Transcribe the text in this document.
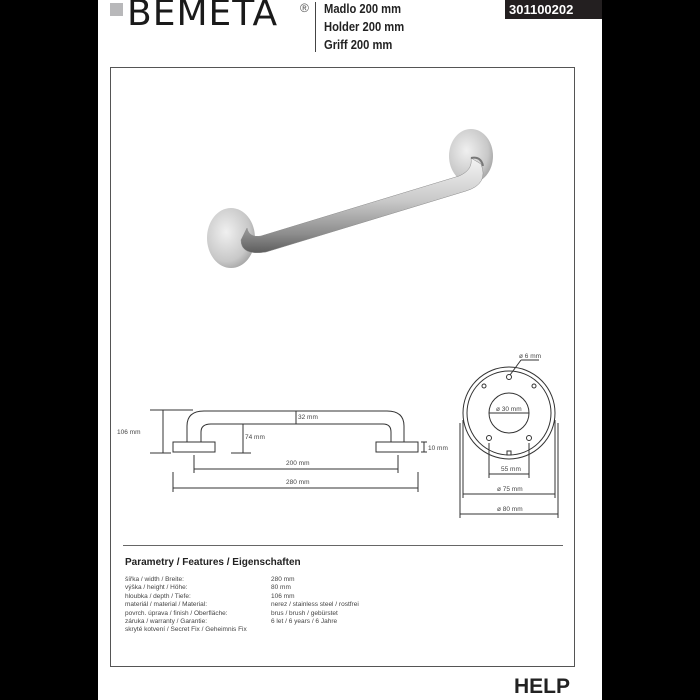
BEMETA ® Madlo 200 mm
Holder 200 mm
Griff 200 mm
301100202
106 mm
74 mm
32 mm
10 mm
200 mm
280 mm
ø 6 mm
ø 30 mm
55 mm
ø 75 mm
ø 80 mm
Parametry / Features / Eigenschaften
šířka / width / Breite:	280 mm
výška / height / Höhe:	80 mm
hloubka / depth / Tiefe:	106 mm
materiál / material / Material:	nerez / stainless steel / rostfrei
povrch. úprava / finish / Oberfläche:	brus / brush / gebürstet
záruka / warranty / Garantie:	6 let / 6 years / 6 Jahre
skryté kotvení / Secret Fix / Geheimnis Fix
HELP
